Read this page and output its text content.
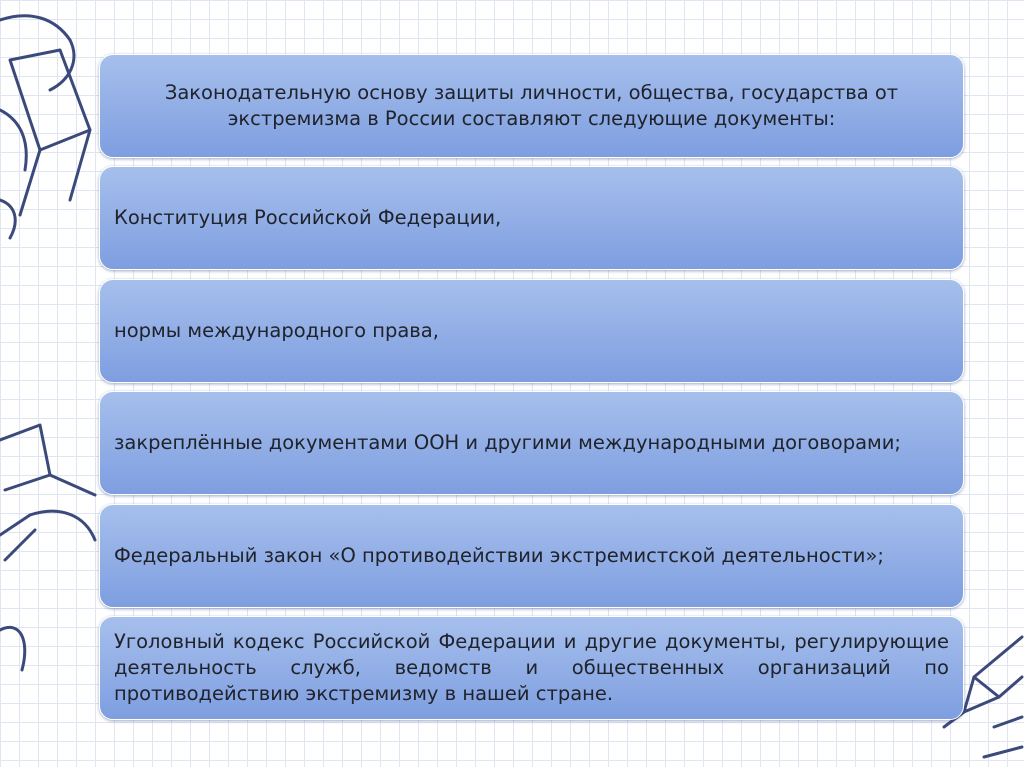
Законодательную основу защиты личности, общества, государства от экстремизма в России составляют следующие документы:
Конституция Российской Федерации,
нормы международного права,
закреплённые документами ООН и другими международными договорами;
Федеральный закон «О противодействии экстремистской деятельности»;
Уголовный кодекс Российской Федерации и другие документы, регулирующие деятельность служб, ведомств и общественных организаций по противодействию экстремизму в нашей стране.
